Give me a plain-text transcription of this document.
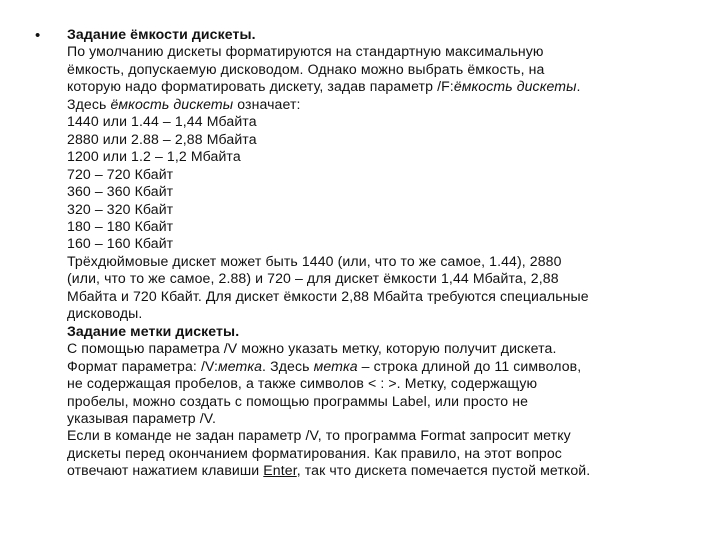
• Задание ёмкости дискеты.
По умолчанию дискеты форматируются на стандартную максимальную
ёмкость, допускаемую дисководом. Однако можно выбрать ёмкость, на
которую надо форматировать дискету, задав параметр /F:ёмкость дискеты.
Здесь ёмкость дискеты означает:
1440 или 1.44 – 1,44 Мбайта
2880 или 2.88 – 2,88 Мбайта
1200 или 1.2 – 1,2 Мбайта
720 – 720 Кбайт
360 – 360 Кбайт
320 – 320 Кбайт
180 – 180 Кбайт
160 – 160 Кбайт
Трёхдюймовые дискет может быть 1440 (или, что то же самое, 1.44), 2880
(или, что то же самое, 2.88) и 720 – для дискет ёмкости 1,44 Мбайта, 2,88
Мбайта и 720 Кбайт. Для дискет ёмкости 2,88 Мбайта требуются специальные
дисководы.
Задание метки дискеты.
С помощью параметра /V можно указать метку, которую получит дискета.
Формат параметра: /V:метка. Здесь метка – строка длиной до 11 символов,
не содержащая пробелов, а также символов < : >. Метку, содержащую
пробелы, можно создать с помощью программы Label, или просто не
указывая параметр /V.
Если в команде не задан параметр /V, то программа Format запросит метку
дискеты перед окончанием форматирования. Как правило, на этот вопрос
отвечают нажатием клавиши Enter, так что дискета помечается пустой меткой.
